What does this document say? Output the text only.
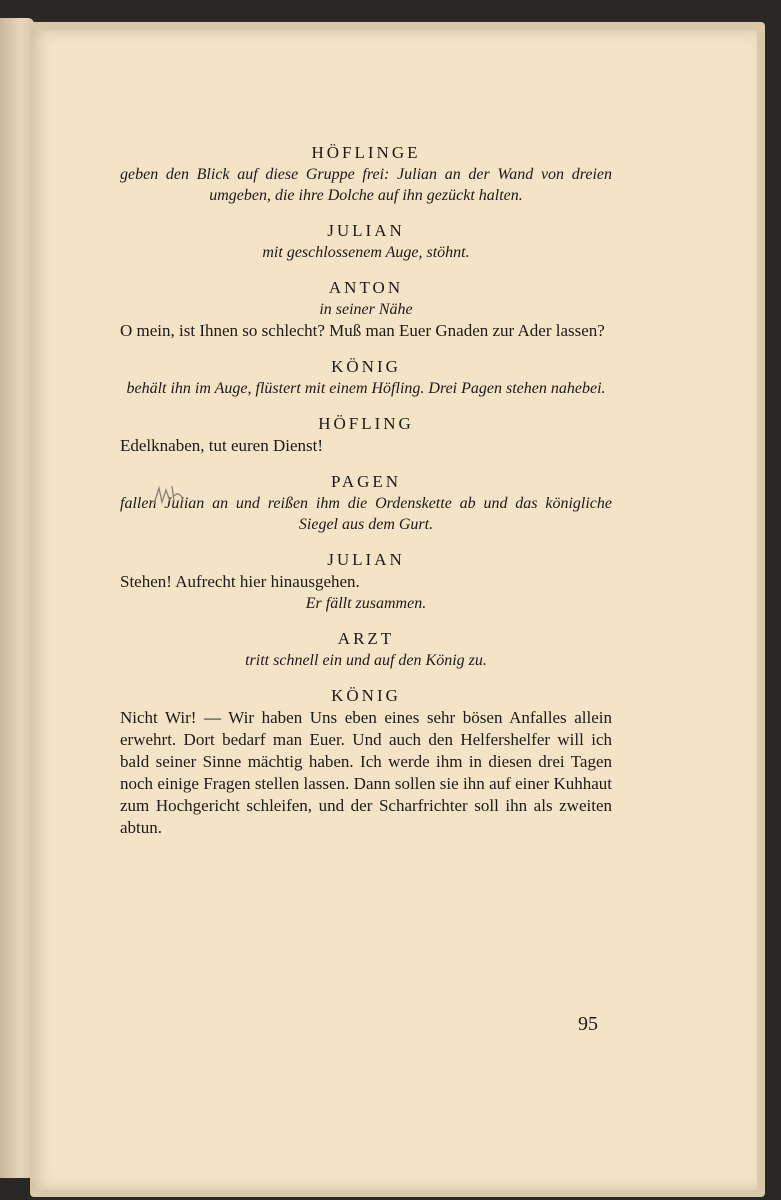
HÖFLINGE

geben den Blick auf diese Gruppe frei: Julian an der Wand von dreien umgeben, die ihre Dolche auf ihn gezückt halten.

JULIAN

mit geschlossenem Auge, stöhnt.

ANTON

in seiner Nähe

O mein, ist Ihnen so schlecht? Muß man Euer Gnaden zur Ader lassen?

KÖNIG

behält ihn im Auge, flüstert mit einem Höfling. Drei Pagen stehen nahebei.

HÖFLING

Edelknaben, tut euren Dienst!

PAGEN

fallen Julian an und reißen ihm die Ordenskette ab und das königliche Siegel aus dem Gurt.

JULIAN

Stehen! Aufrecht hier hinausgehen.

Er fällt zusammen.

ARZT

tritt schnell ein und auf den König zu.

KÖNIG

Nicht Wir! — Wir haben Uns eben eines sehr bösen Anfalles allein erwehrt. Dort bedarf man Euer. Und auch den Helfershelfer will ich bald seiner Sinne mächtig haben. Ich werde ihm in diesen drei Tagen noch einige Fragen stellen lassen. Dann sollen sie ihn auf einer Kuhhaut zum Hochgericht schleifen, und der Scharfrichter soll ihn als zweiten abtun.

95
